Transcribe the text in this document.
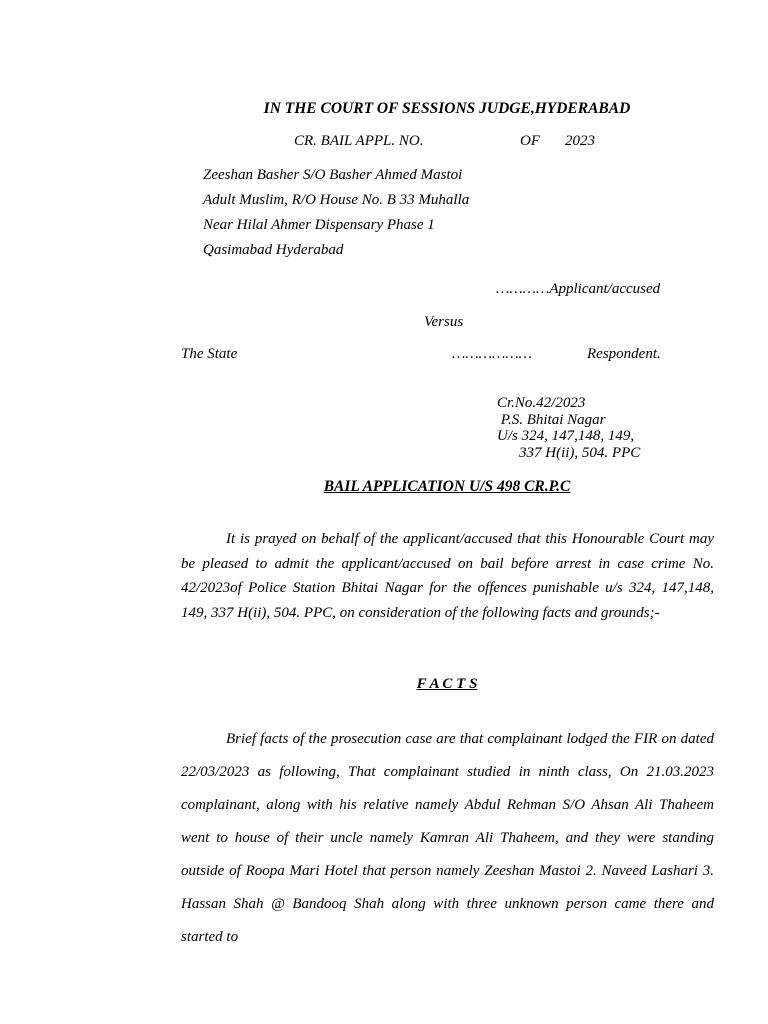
IN THE COURT OF SESSIONS JUDGE,HYDERABAD
CR. BAIL APPL. NO.	OF 2023
Zeeshan Basher S/O Basher Ahmed Mastoi
Adult Muslim, R/O House No. B 33 Muhalla
Near Hilal Ahmer Dispensary Phase 1
Qasimabad Hyderabad
…………Applicant/accused
Versus
The State	………………	Respondent.
Cr.No.42/2023
P.S. Bhitai Nagar
U/s 324, 147,148, 149,
337 H(ii), 504. PPC
BAIL APPLICATION U/S 498 CR.P.C
It is prayed on behalf of the applicant/accused that this Honourable Court may be pleased to admit the applicant/accused on bail before arrest in case crime No. 42/2023of Police Station Bhitai Nagar for the offences punishable u/s 324, 147,148, 149, 337 H(ii), 504. PPC, on consideration of the following facts and grounds;-
F A C T S
Brief facts of the prosecution case are that complainant lodged the FIR on dated 22/03/2023 as following, That complainant studied in ninth class, On 21.03.2023 complainant, along with his relative namely Abdul Rehman S/O Ahsan Ali Thaheem went to house of their uncle namely Kamran Ali Thaheem, and they were standing outside of Roopa Mari Hotel that person namely Zeeshan Mastoi 2. Naveed Lashari 3. Hassan Shah @ Bandooq Shah along with three unknown person came there and started to
